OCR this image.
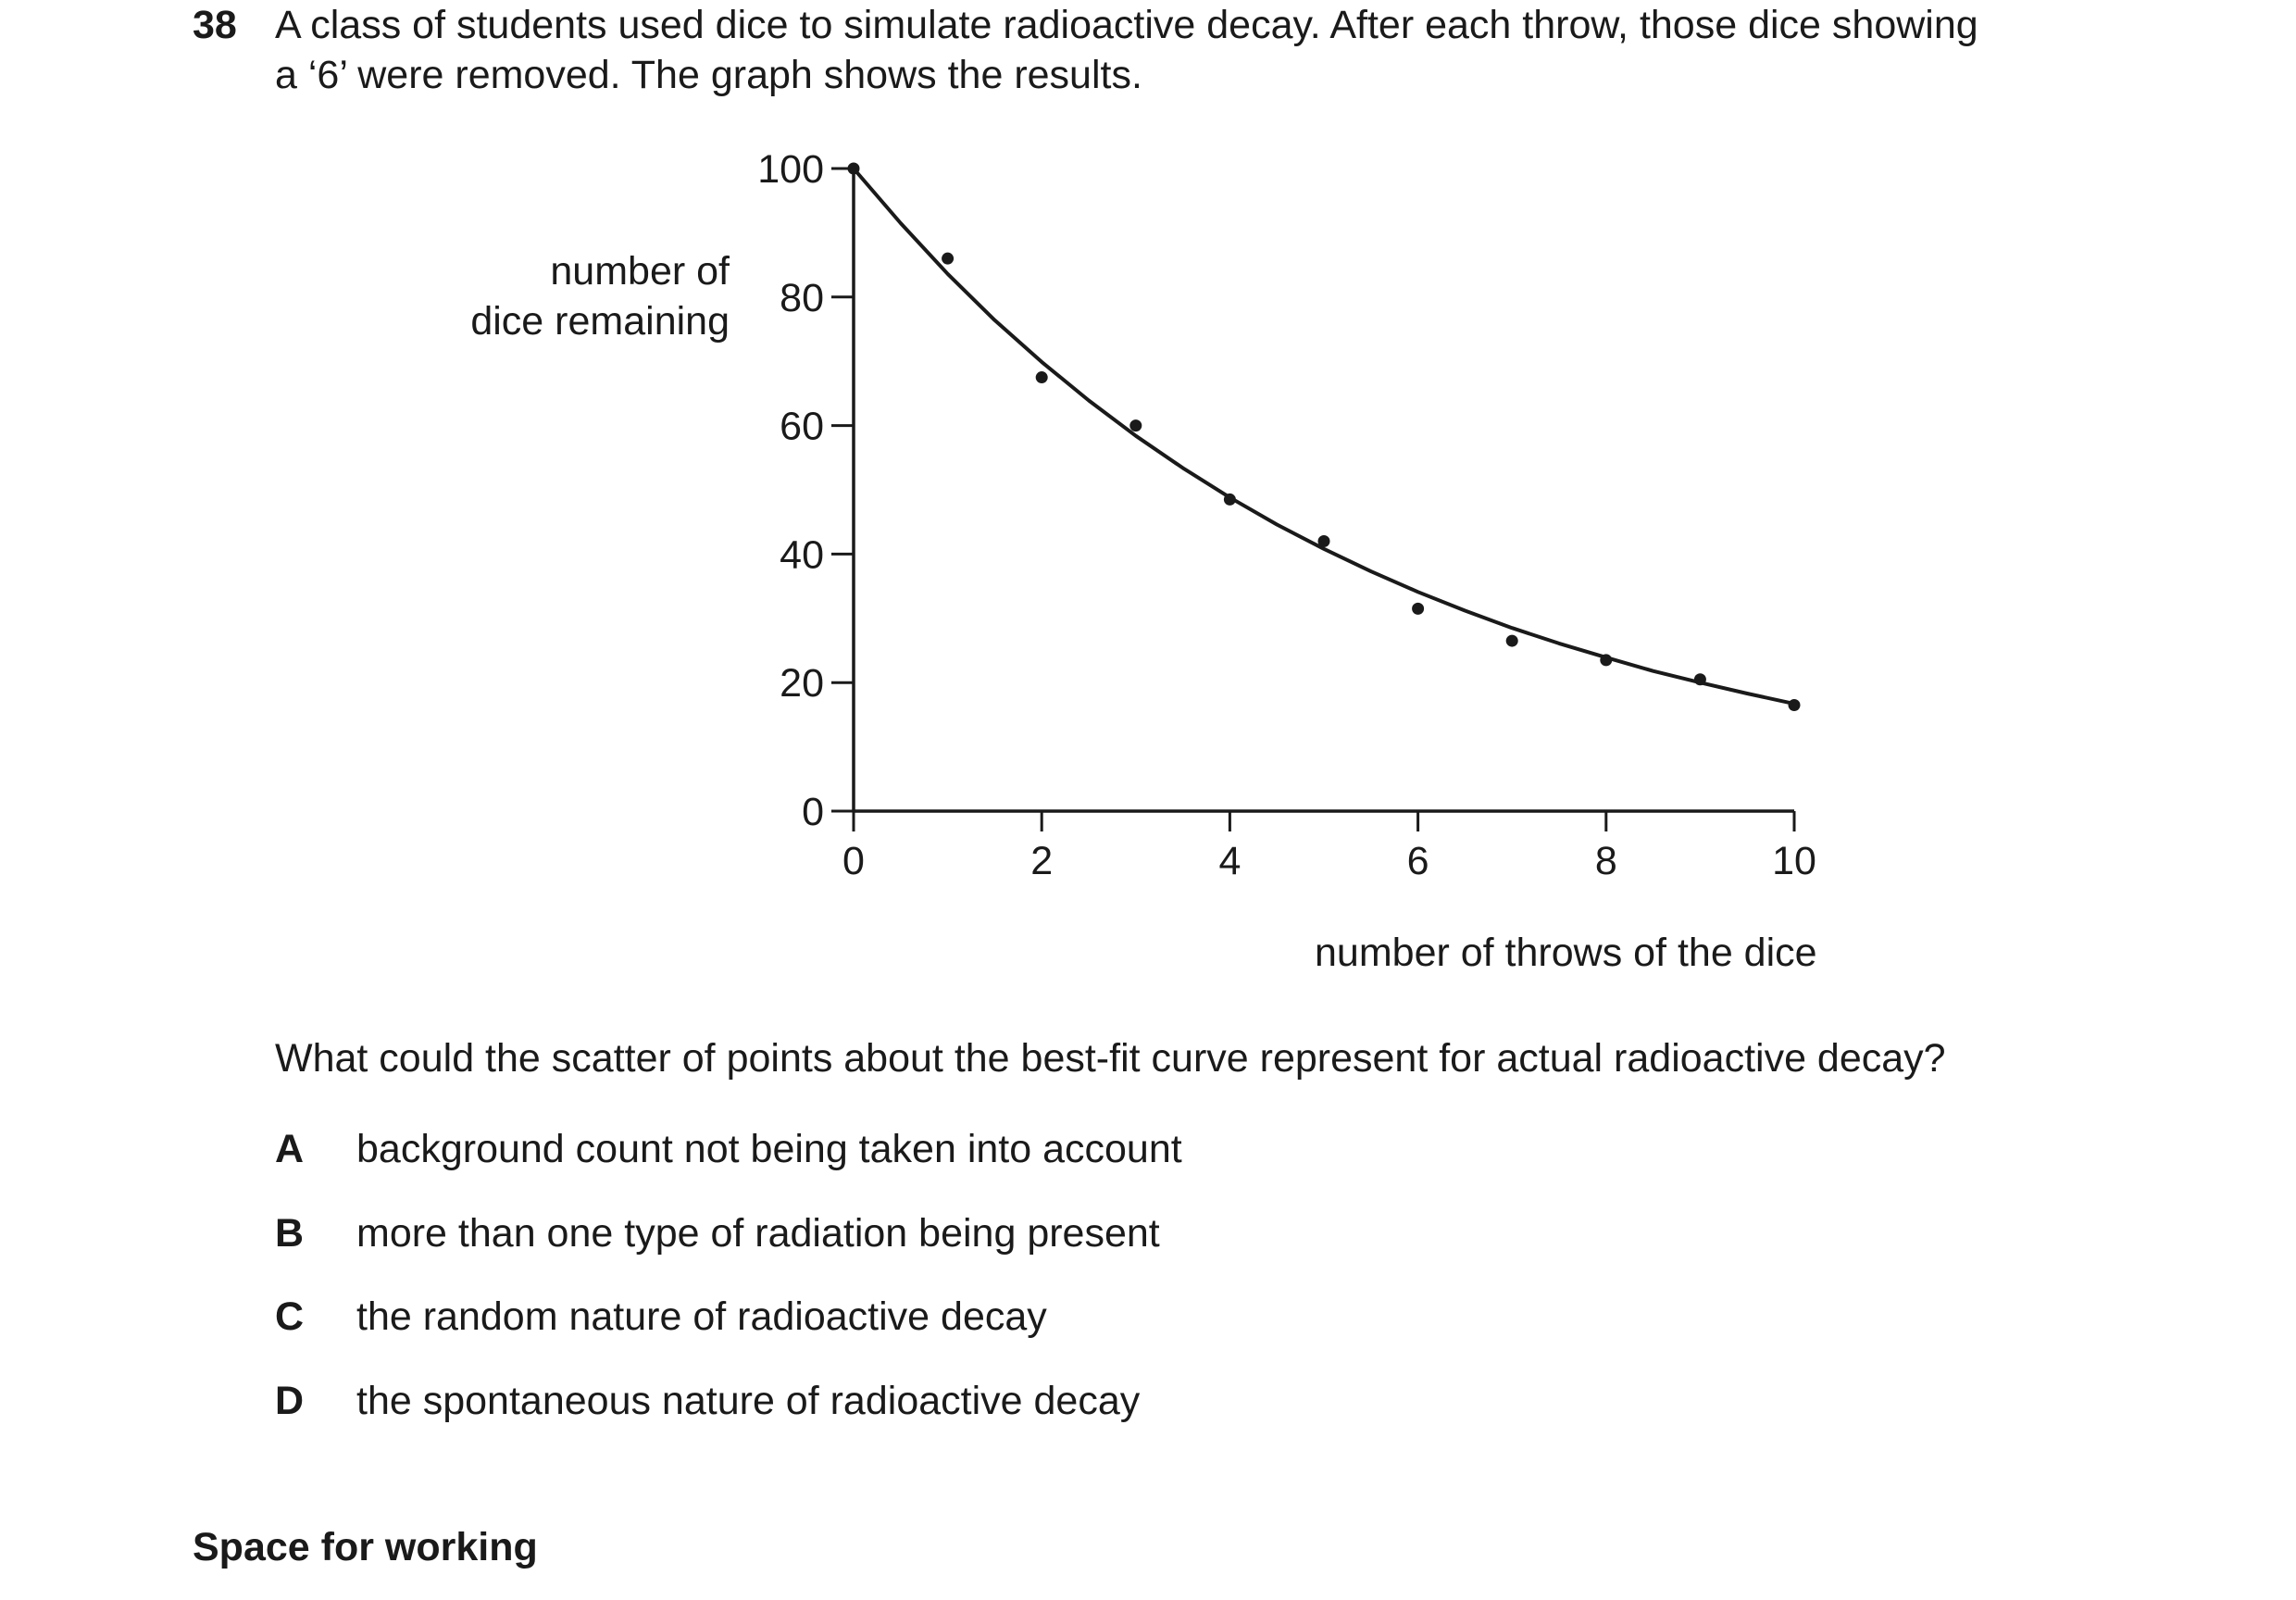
38 A class of students used dice to simulate radioactive decay. After each throw, those dice showing
a ‘6’ were removed. The graph shows the results.
number of
dice remaining
0
20
40
60
80
100
0	2	4	6	8	10
number of throws of the dice
What could the scatter of points about the best-fit curve represent for actual radioactive decay?
A background count not being taken into account
B more than one type of radiation being present
C the random nature of radioactive decay
D the spontaneous nature of radioactive decay
Space for working
